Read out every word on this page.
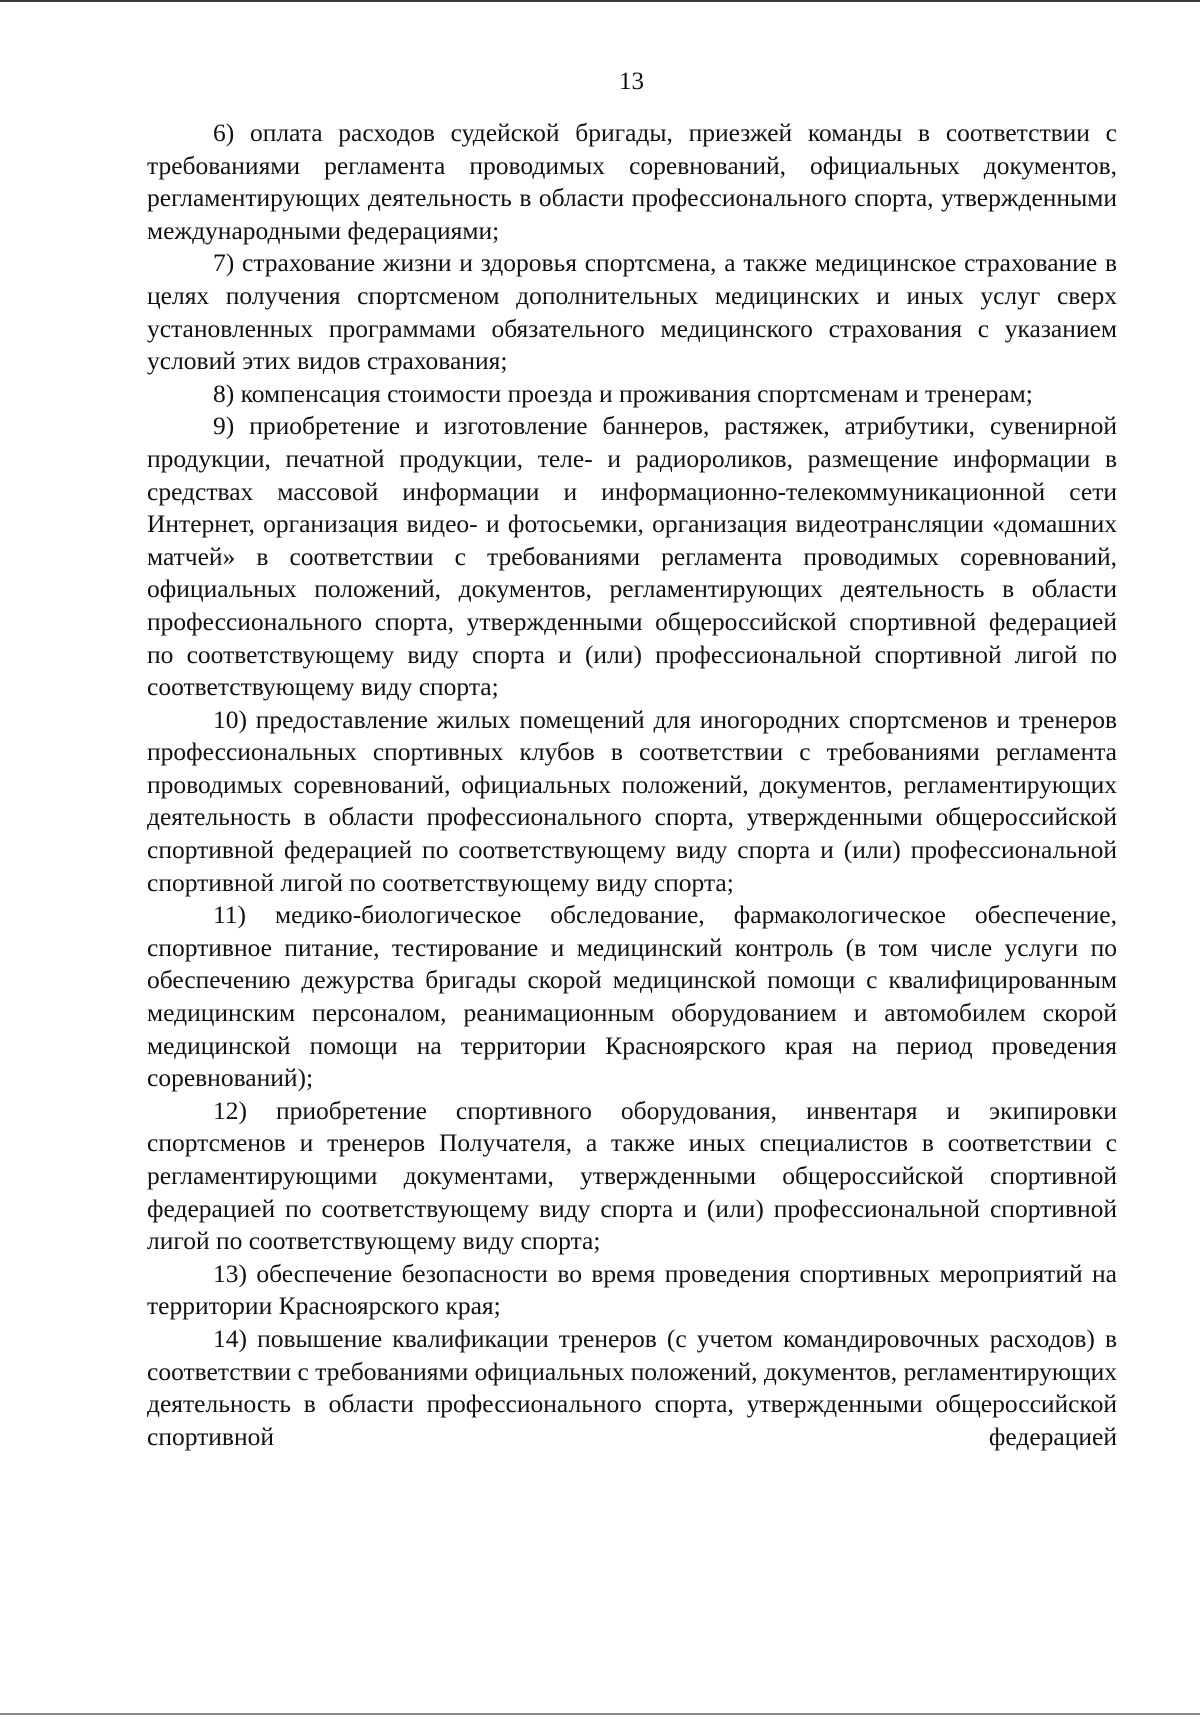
13

6) оплата расходов судейской бригады, приезжей команды в соответствии с требованиями регламента проводимых соревнований, официальных документов, регламентирующих деятельность в области профессионального спорта, утвержденными международными федерациями;

7) страхование жизни и здоровья спортсмена, а также медицинское страхование в целях получения спортсменом дополнительных медицинских и иных услуг сверх установленных программами обязательного медицинского страхования с указанием условий этих видов страхования;

8) компенсация стоимости проезда и проживания спортсменам и тренерам;

9) приобретение и изготовление баннеров, растяжек, атрибутики, сувенирной продукции, печатной продукции, теле- и радиороликов, размещение информации в средствах массовой информации и информационно-телекоммуникационной сети Интернет, организация видео- и фотосьемки, организация видеотрансляции «домашних матчей» в соответствии с требованиями регламента проводимых соревнований, официальных положений, документов, регламентирующих деятельность в области профессионального спорта, утвержденными общероссийской спортивной федерацией по соответствующему виду спорта и (или) профессиональной спортивной лигой по соответствующему виду спорта;

10) предоставление жилых помещений для иногородних спортсменов и тренеров профессиональных спортивных клубов в соответствии с требованиями регламента проводимых соревнований, официальных положений, документов, регламентирующих деятельность в области профессионального спорта, утвержденными общероссийской спортивной федерацией по соответствующему виду спорта и (или) профессиональной спортивной лигой по соответствующему виду спорта;

11) медико-биологическое обследование, фармакологическое обеспечение, спортивное питание, тестирование и медицинский контроль (в том числе услуги по обеспечению дежурства бригады скорой медицинской помощи с квалифицированным медицинским персоналом, реанимационным оборудованием и автомобилем скорой медицинской помощи на территории Красноярского края на период проведения соревнований);

12) приобретение спортивного оборудования, инвентаря и экипировки спортсменов и тренеров Получателя, а также иных специалистов в соответствии с регламентирующими документами, утвержденными общероссийской спортивной федерацией по соответствующему виду спорта и (или) профессиональной спортивной лигой по соответствующему виду спорта;

13) обеспечение безопасности во время проведения спортивных мероприятий на территории Красноярского края;

14) повышение квалификации тренеров (с учетом командировочных расходов) в соответствии с требованиями официальных положений, документов, регламентирующих деятельность в области профессионального спорта, утвержденными общероссийской спортивной федерацией
